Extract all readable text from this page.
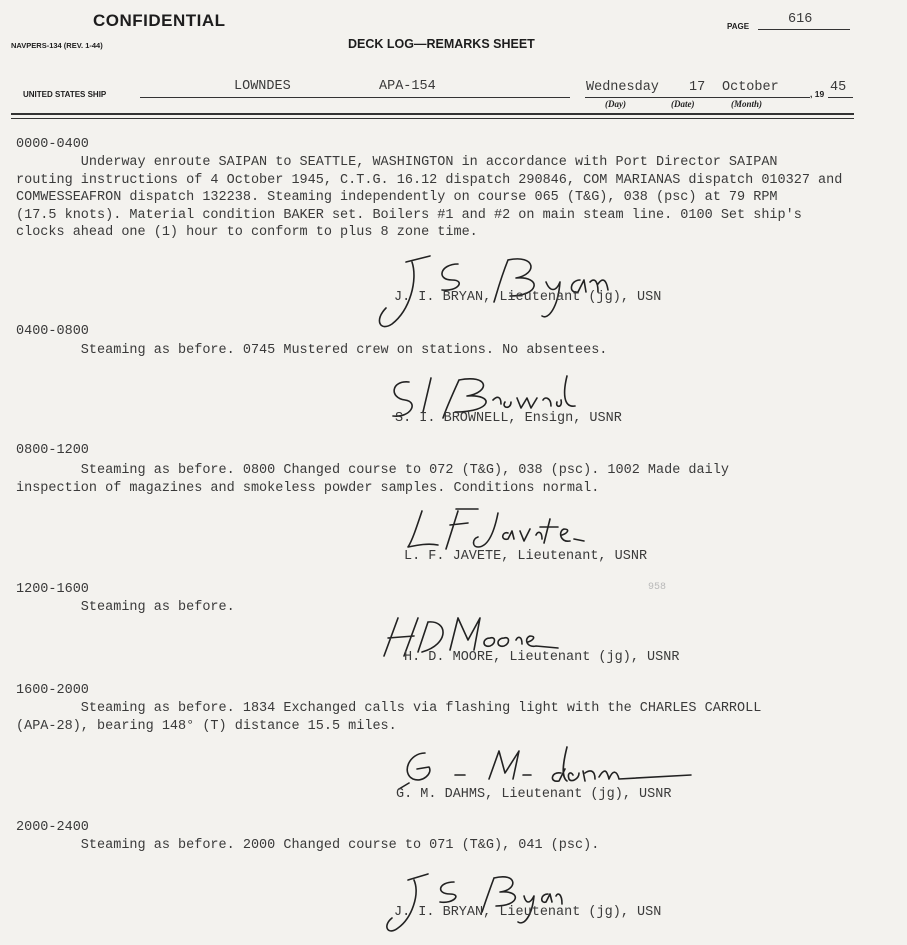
CONFIDENTIAL	PAGE	616
NAVPERS-134 (REV. 1-44)	DECK LOG—REMARKS SHEET
UNITED STATES SHIP
LOWNDES	APA-154	Wednesday 17 October	, 19 45
(Day)	(Date)	(Month)
0000-0400
Underway enroute SAIPAN to SEATTLE, WASHINGTON in accordance with Port Director SAIPAN
routing instructions of 4 October 1945, C.T.G. 16.12 dispatch 290846, COM MARIANAS dispatch 010327 and
COMWESSEAFRON dispatch 132238. Steaming independently on course 065 (T&G), 038 (psc) at 79 RPM
(17.5 knots). Material condition BAKER set. Boilers #1 and #2 on main steam line. 0100 Set ship's
clocks ahead one (1) hour to conform to plus 8 zone time.
J. I. BRYAN, Lieutenant (jg), USN
0400-0800
Steaming as before. 0745 Mustered crew on stations. No absentees.
S. I. BROWNELL, Ensign, USNR
0800-1200
Steaming as before. 0800 Changed course to 072 (T&G), 038 (psc). 1002 Made daily
inspection of magazines and smokeless powder samples. Conditions normal.
L. F. JAVETE, Lieutenant, USNR
1200-1600
Steaming as before.
958
H. D. MOORE, Lieutenant (jg), USNR
1600-2000
Steaming as before. 1834 Exchanged calls via flashing light with the CHARLES CARROLL
(APA-28), bearing 148° (T) distance 15.5 miles.
G. M. DAHMS, Lieutenant (jg), USNR
2000-2400
Steaming as before. 2000 Changed course to 071 (T&G), 041 (psc).
J. I. BRYAN, Lieutenant (jg), USN
